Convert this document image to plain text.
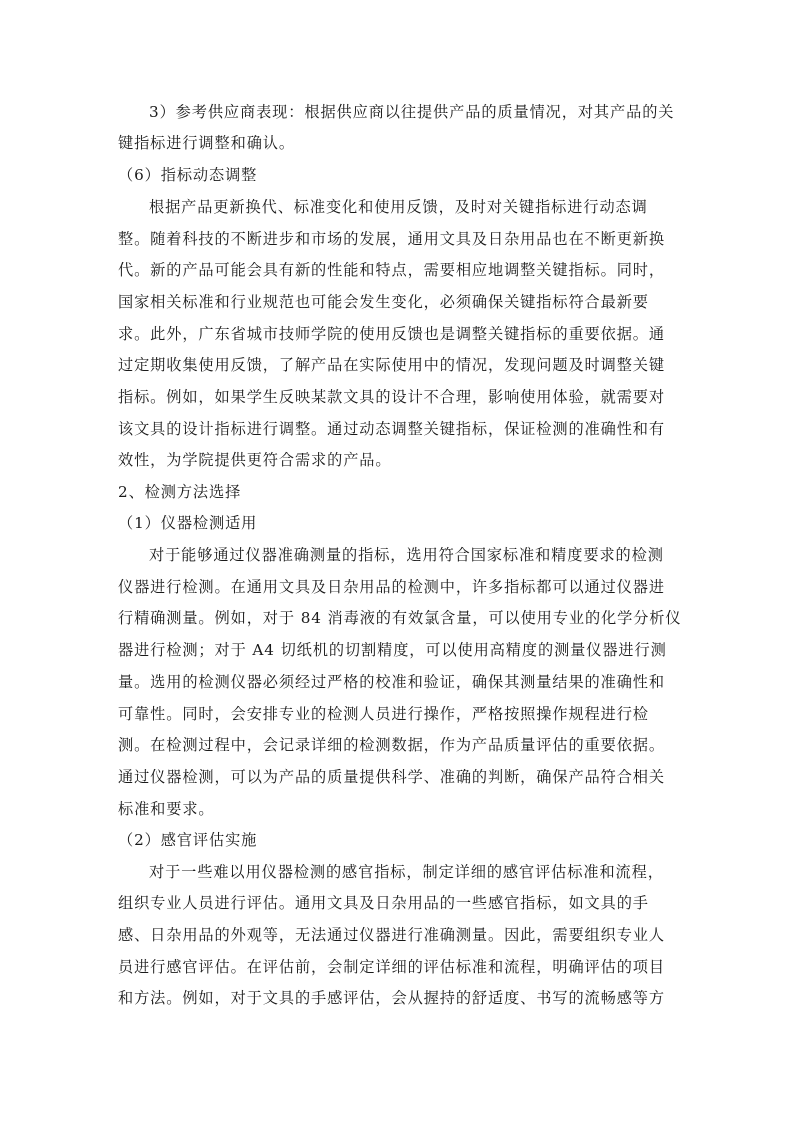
3）参考供应商表现：根据供应商以往提供产品的质量情况，对其产品的关
键指标进行调整和确认。
（6）指标动态调整
根据产品更新换代、标准变化和使用反馈，及时对关键指标进行动态调
整。随着科技的不断进步和市场的发展，通用文具及日杂用品也在不断更新换
代。新的产品可能会具有新的性能和特点，需要相应地调整关键指标。同时，
国家相关标准和行业规范也可能会发生变化，必须确保关键指标符合最新要
求。此外，广东省城市技师学院的使用反馈也是调整关键指标的重要依据。通
过定期收集使用反馈，了解产品在实际使用中的情况，发现问题及时调整关键
指标。例如，如果学生反映某款文具的设计不合理，影响使用体验，就需要对
该文具的设计指标进行调整。通过动态调整关键指标，保证检测的准确性和有
效性，为学院提供更符合需求的产品。
2、检测方法选择
（1）仪器检测适用
对于能够通过仪器准确测量的指标，选用符合国家标准和精度要求的检测
仪器进行检测。在通用文具及日杂用品的检测中，许多指标都可以通过仪器进
行精确测量。例如，对于 84 消毒液的有效氯含量，可以使用专业的化学分析仪
器进行检测；对于 A4 切纸机的切割精度，可以使用高精度的测量仪器进行测
量。选用的检测仪器必须经过严格的校准和验证，确保其测量结果的准确性和
可靠性。同时，会安排专业的检测人员进行操作，严格按照操作规程进行检
测。在检测过程中，会记录详细的检测数据，作为产品质量评估的重要依据。
通过仪器检测，可以为产品的质量提供科学、准确的判断，确保产品符合相关
标准和要求。
（2）感官评估实施
对于一些难以用仪器检测的感官指标，制定详细的感官评估标准和流程，
组织专业人员进行评估。通用文具及日杂用品的一些感官指标，如文具的手
感、日杂用品的外观等，无法通过仪器进行准确测量。因此，需要组织专业人
员进行感官评估。在评估前，会制定详细的评估标准和流程，明确评估的项目
和方法。例如，对于文具的手感评估，会从握持的舒适度、书写的流畅感等方
